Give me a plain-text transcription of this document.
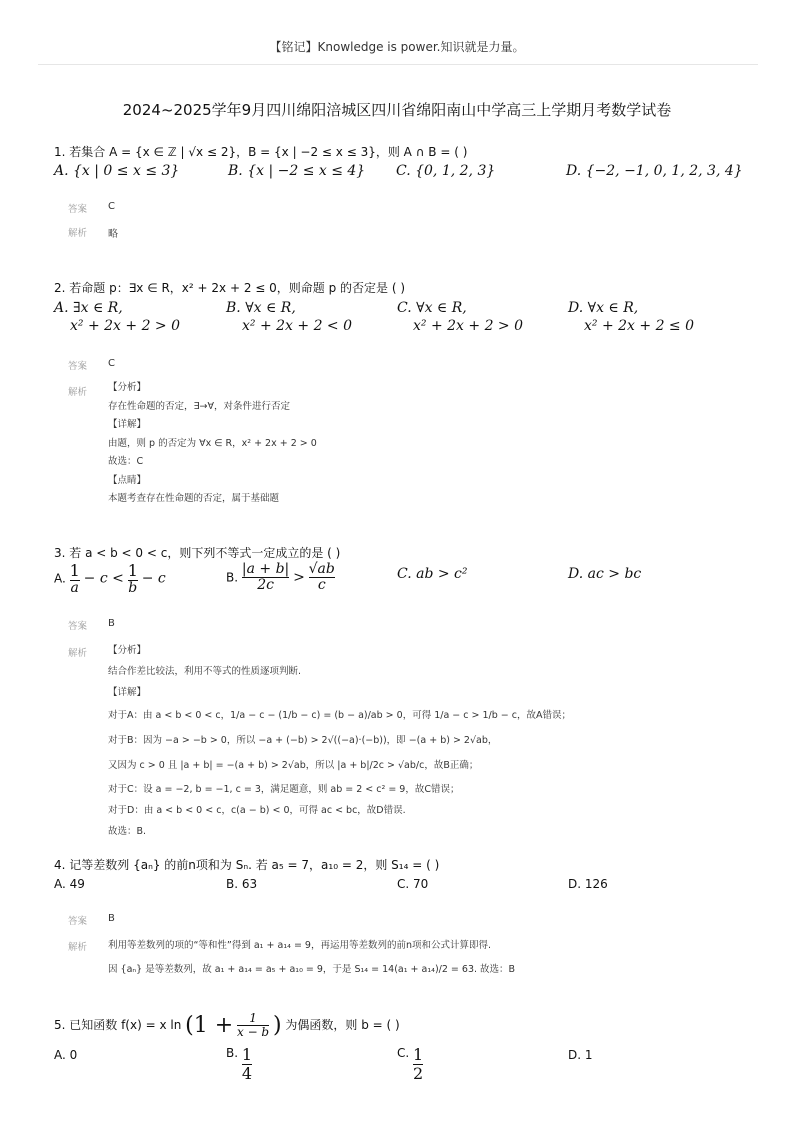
【铭记】Knowledge is power.知识就是力量。
2024~2025学年9月四川绵阳涪城区四川省绵阳南山中学高三上学期月考数学试卷
1. 若集合 A = {x ∈ ℤ | √x ≤ 2}，B = {x | −2 ≤ x ≤ 3}，则 A ∩ B = ( )
A. {x | 0 ≤ x ≤ 3}	B. {x | −2 ≤ x ≤ 4} C. {0, 1, 2, 3}	D. {−2, −1, 0, 1, 2, 3, 4}
答案 C
解析 略
2. 若命题 p：∃x ∈ R，x² + 2x + 2 ≤ 0，则命题 p 的否定是 ( )
A. ∃x ∈ R,
x² + 2x + 2 > 0
B. ∀x ∈ R,
x² + 2x + 2 < 0
C. ∀x ∈ R,
x² + 2x + 2 > 0
D. ∀x ∈ R,
x² + 2x + 2 ≤ 0
答案 C
解析 【分析】
存在性命题的否定，∃→∀，对条件进行否定
【详解】
由题，则 p 的否定为 ∀x ∈ R，x² + 2x + 2 > 0
故选：C
【点睛】
本题考查存在性命题的否定，属于基础题
3. 若 a < b < 0 < c，则下列不等式一定成立的是 ( )
A. $\frac{1}{a} - c < \frac{1}{b} - c$	B. $\frac{|a + b|}{2c} > \frac{√ab}{c}$	C. ab > c²	D. ac > bc
答案 B
解析 【分析】
结合作差比较法，利用不等式的性质逐项判断.
【详解】
对于A：由 a < b < 0 < c，1/a − c − (1/b − c) = (b − a)/ab > 0，可得 1/a − c > 1/b − c，故A错误；
对于B：因为 −a > −b > 0，所以 −a + (−b) > 2√((−a)·(−b))，即 −(a + b) > 2√ab，
又因为 c > 0 且 |a + b| = −(a + b) > 2√ab，所以 |a + b|/2c > √ab/c，故B正确；
对于C：设 a = −2, b = −1, c = 3，满足题意，则 ab = 2 < c² = 9，故C错误；
对于D：由 a < b < 0 < c，c(a − b) < 0，可得 ac < bc，故D错误.
故选：B.
4. 记等差数列 {aₙ} 的前n项和为 Sₙ. 若 a₅ = 7，a₁₀ = 2，则 S₁₄ = ( )
A. 49	B. 63	C. 70	D. 126
答案 B
解析 利用等差数列的项的“等和性”得到 a₁ + a₁₄ = 9，再运用等差数列的前n项和公式计算即得.
因 {aₙ} 是等差数列，故 a₁ + a₁₄ = a₅ + a₁₀ = 9，于是 S₁₄ = 14(a₁ + a₁₄)/2 = 63. 故选：B
5. 已知函数 f(x) = x $\ln (1 + \frac{1}{x - b}$ ) 为偶函数，则 b = ( )
A. 0	B. $\frac{1}{4}$	C. $\frac{1}{2}$	D. 1
